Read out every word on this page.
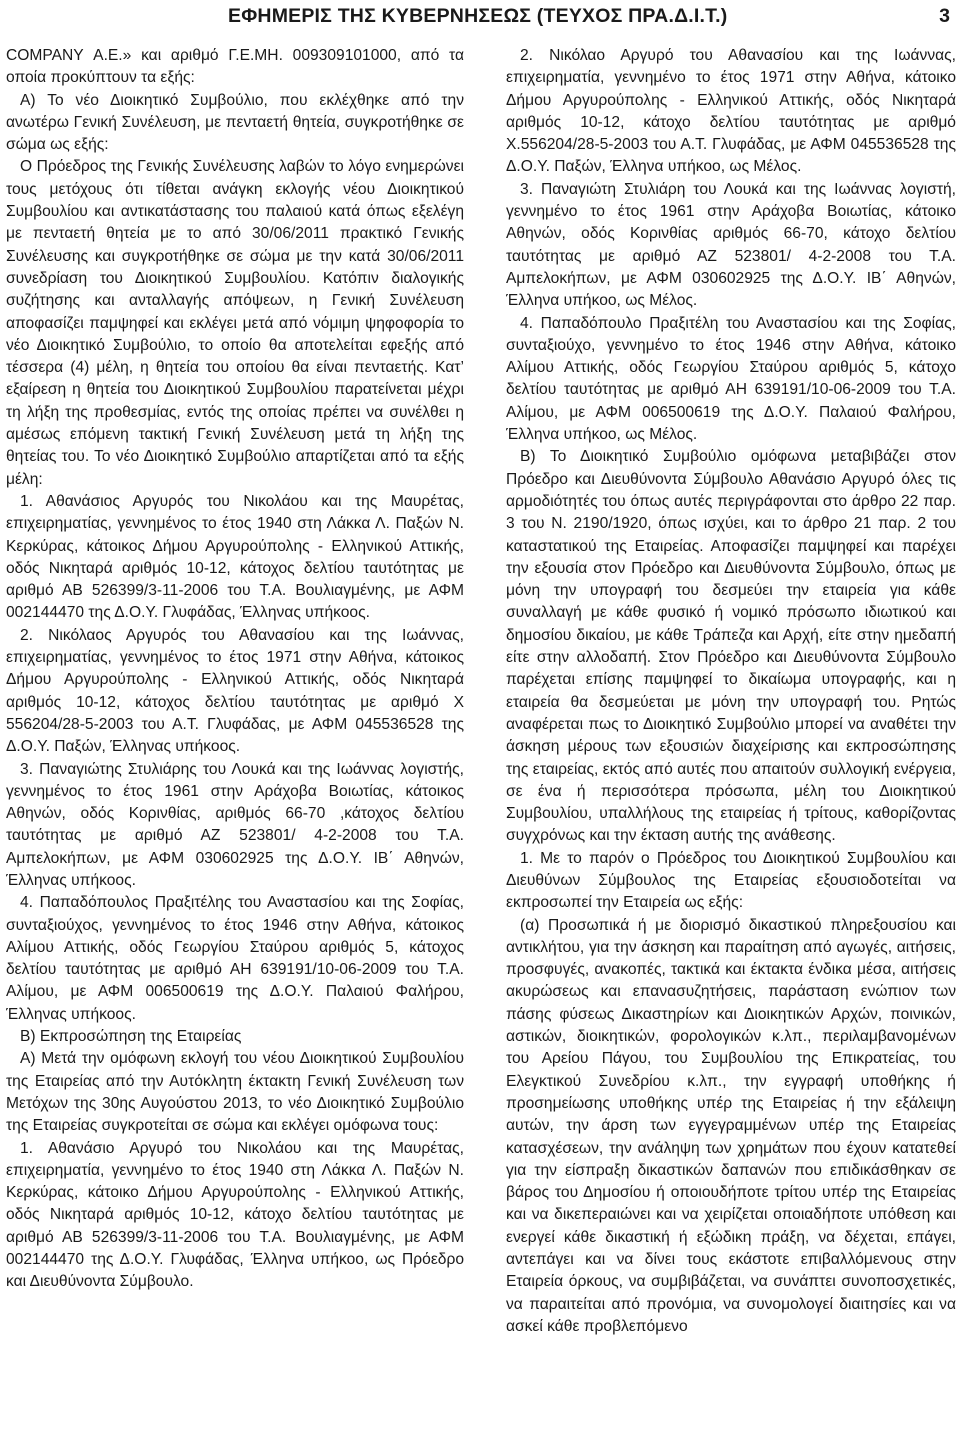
ΕΦΗΜΕΡΙΣ ΤΗΣ ΚΥΒΕΡΝΗΣΕΩΣ (ΤΕΥΧΟΣ ΠΡΑ.Δ.Ι.Τ.)	3

COMPANY Α.Ε.» και αριθμό Γ.Ε.ΜΗ. 009309101000, από τα οποία προκύπτουν τα εξής:

Α) Το νέο Διοικητικό Συμβούλιο, που εκλέχθηκε από την ανωτέρω Γενική Συνέλευση, με πενταετή θητεία, συγκροτήθηκε σε σώμα ως εξής:

Ο Πρόεδρος της Γενικής Συνέλευσης λαβών το λόγο ενημερώνει τους μετόχους ότι τίθεται ανάγκη εκλογής νέου Διοικητικού Συμβουλίου και αντικατάστασης του παλαιού κατά όπως εξελέγη με πενταετή θητεία με το από 30/06/2011 πρακτικό Γενικής Συνέλευσης και συγκροτήθηκε σε σώμα με την κατά 30/06/2011 συνεδρίαση του Διοικητικού Συμβουλίου. Κατόπιν διαλογικής συζήτησης και ανταλλαγής απόψεων, η Γενική Συνέλευση αποφασίζει παμψηφεί και εκλέγει μετά από νόμιμη ψηφοφορία το νέο Διοικητικό Συμβούλιο, το οποίο θα αποτελείται εφεξής από τέσσερα (4) μέλη, η θητεία του οποίου θα είναι πενταετής. Κατ’ εξαίρεση η θητεία του Διοικητικού Συμβουλίου παρατείνεται μέχρι τη λήξη της προθεσμίας, εντός της οποίας πρέπει να συνέλθει η αμέσως επόμενη τακτική Γενική Συνέλευση μετά τη λήξη της θητείας του. Το νέο Διοικητικό Συμβούλιο απαρτίζεται από τα εξής μέλη:

1. Αθανάσιος Αργυρός του Νικολάου και της Μαυρέτας, επιχειρηματίας, γεννημένος το έτος 1940 στη Λάκκα Λ. Παξών Ν. Κερκύρας, κάτοικος Δήμου Αργυρούπολης - Ελληνικού Αττικής, οδός Νικηταρά αριθμός 10-12, κάτοχος δελτίου ταυτότητας με αριθμό ΑΒ 526399/3-11-2006 του Τ.Α. Βουλιαγμένης, με ΑΦΜ 002144470 της Δ.Ο.Υ. Γλυφάδας, Έλληνας υπήκοος.

2. Νικόλαος Αργυρός του Αθανασίου και της Ιωάννας, επιχειρηματίας, γεννημένος το έτος 1971 στην Αθήνα, κάτοικος Δήμου Αργυρούπολης - Ελληνικού Αττικής, οδός Νικηταρά αριθμός 10-12, κάτοχος δελτίου ταυτότητας με αριθμό Χ 556204/28-5-2003 του Α.Τ. Γλυφάδας, με ΑΦΜ 045536528 της Δ.Ο.Υ. Παξών, Έλληνας υπήκοος.

3. Παναγιώτης Στυλιάρης του Λουκά και της Ιωάννας λογιστής, γεννημένος το έτος 1961 στην Αράχοβα Βοιωτίας, κάτοικος Αθηνών, οδός Κορινθίας, αριθμός 66-70 ,κάτοχος δελτίου ταυτότητας με αριθμό ΑΖ 523801/ 4-2-2008 του Τ.Α. Αμπελοκήπων, με ΑΦΜ 030602925 της Δ.Ο.Υ. ΙΒ΄ Αθηνών, Έλληνας υπήκοος.

4. Παπαδόπουλος Πραξιτέλης του Αναστασίου και της Σοφίας, συνταξιούχος, γεννημένος το έτος 1946 στην Αθήνα, κάτοικος Αλίμου Αττικής, οδός Γεωργίου Σταύρου αριθμός 5, κάτοχος δελτίου ταυτότητας με αριθμό ΑΗ 639191/10-06-2009 του Τ.Α. Αλίμου, με ΑΦΜ 006500619 της Δ.Ο.Υ. Παλαιού Φαλήρου, Έλληνας υπήκοος.

Β) Εκπροσώπηση της Εταιρείας

Α) Μετά την ομόφωνη εκλογή του νέου Διοικητικού Συμβουλίου της Εταιρείας από την Αυτόκλητη έκτακτη Γενική Συνέλευση των Μετόχων της 30ης Αυγούστου 2013, το νέο Διοικητικό Συμβούλιο της Εταιρείας συγκροτείται σε σώμα και εκλέγει ομόφωνα τους:

1. Αθανάσιο Αργυρό του Νικολάου και της Μαυρέτας, επιχειρηματία, γεννημένο το έτος 1940 στη Λάκκα Λ. Παξών Ν. Κερκύρας, κάτοικο Δήμου Αργυρούπολης - Ελληνικού Αττικής, οδός Νικηταρά αριθμός 10-12, κάτοχο δελτίου ταυτότητας με αριθμό ΑΒ 526399/3-11-2006 του Τ.Α. Βουλιαγμένης, με ΑΦΜ 002144470 της Δ.Ο.Υ. Γλυφάδας, Έλληνα υπήκοο, ως Πρόεδρο και Διευθύνοντα Σύμβουλο.

2. Νικόλαο Αργυρό του Αθανασίου και της Ιωάννας, επιχειρηματία, γεννημένο το έτος 1971 στην Αθήνα, κάτοικο Δήμου Αργυρούπολης - Ελληνικού Αττικής, οδός Νικηταρά αριθμός 10-12, κάτοχο δελτίου ταυτότητας με αριθμό Χ.556204/28-5-2003 του Α.Τ. Γλυφάδας, με ΑΦΜ 045536528 της Δ.Ο.Υ. Παξών, Έλληνα υπήκοο, ως Μέλος.

3. Παναγιώτη Στυλιάρη του Λουκά και της Ιωάννας λογιστή, γεννημένο το έτος 1961 στην Αράχοβα Βοιωτίας, κάτοικο Αθηνών, οδός Κορινθίας αριθμός 66-70, κάτοχο δελτίου ταυτότητας με αριθμό ΑΖ 523801/ 4-2-2008 του Τ.Α. Αμπελοκήπων, με ΑΦΜ 030602925 της Δ.Ο.Υ. ΙΒ΄ Αθηνών, Έλληνα υπήκοο, ως Μέλος.

4. Παπαδόπουλο Πραξιτέλη του Αναστασίου και της Σοφίας, συνταξιούχο, γεννημένο το έτος 1946 στην Αθήνα, κάτοικο Αλίμου Αττικής, οδός Γεωργίου Σταύρου αριθμός 5, κάτοχο δελτίου ταυτότητας με αριθμό ΑΗ 639191/10-06-2009 του Τ.Α. Αλίμου, με ΑΦΜ 006500619 της Δ.Ο.Υ. Παλαιού Φαλήρου, Έλληνα υπήκοο, ως Μέλος.

Β) Το Διοικητικό Συμβούλιο ομόφωνα μεταβιβάζει στον Πρόεδρο και Διευθύνοντα Σύμβουλο Αθανάσιο Αργυρό όλες τις αρμοδιότητές του όπως αυτές περιγράφονται στο άρθρο 22 παρ. 3 του Ν. 2190/1920, όπως ισχύει, και το άρθρο 21 παρ. 2 του καταστατικού της Εταιρείας. Αποφασίζει παμψηφεί και παρέχει την εξουσία στον Πρόεδρο και Διευθύνοντα Σύμβουλο, όπως με μόνη την υπογραφή του δεσμεύει την εταιρεία για κάθε συναλλαγή με κάθε φυσικό ή νομικό πρόσωπο ιδιωτικού και δημοσίου δικαίου, με κάθε Τράπεζα και Αρχή, είτε στην ημεδαπή είτε στην αλλοδαπή. Στον Πρόεδρο και Διευθύνοντα Σύμβουλο παρέχεται επίσης παμψηφεί το δικαίωμα υπογραφής, και η εταιρεία θα δεσμεύεται με μόνη την υπογραφή του. Ρητώς αναφέρεται πως το Διοικητικό Συμβούλιο μπορεί να αναθέτει την άσκηση μέρους των εξουσιών διαχείρισης και εκπροσώπησης της εταιρείας, εκτός από αυτές που απαιτούν συλλογική ενέργεια, σε ένα ή περισσότερα πρόσωπα, μέλη του Διοικητικού Συμβουλίου, υπαλλήλους της εταιρείας ή τρίτους, καθορίζοντας συγχρόνως και την έκταση αυτής της ανάθεσης.

1. Με το παρόν ο Πρόεδρος του Διοικητικού Συμβουλίου και Διευθύνων Σύμβουλος της Εταιρείας εξουσιοδοτείται να εκπροσωπεί την Εταιρεία ως εξής:

(α) Προσωπικά ή με διορισμό δικαστικού πληρεξουσίου και αντικλήτου, για την άσκηση και παραίτηση από αγωγές, αιτήσεις, προσφυγές, ανακοπές, τακτικά και έκτακτα ένδικα μέσα, αιτήσεις ακυρώσεως και επανασυζητήσεις, παράσταση ενώπιον των πάσης φύσεως Δικαστηρίων και Διοικητικών Αρχών, ποινικών, αστικών, διοικητικών, φορολογικών κ.λπ., περιλαμβανομένων του Αρείου Πάγου, του Συμβουλίου της Επικρατείας, του Ελεγκτικού Συνεδρίου κ.λπ., την εγγραφή υποθήκης ή προσημείωσης υποθήκης υπέρ της Εταιρείας ή την εξάλειψη αυτών, την άρση των εγγεγραμμένων υπέρ της Εταιρείας κατασχέσεων, την ανάληψη των χρημάτων που έχουν κατατεθεί για την είσπραξη δικαστικών δαπανών που επιδικάσθηκαν σε βάρος του Δημοσίου ή οποιουδήποτε τρίτου υπέρ της Εταιρείας και να δικεπεραιώνει και να χειρίζεται οποιαδήποτε υπόθεση και ενεργεί κάθε δικαστική ή εξώδικη πράξη, να δέχεται, επάγει, αντεπάγει και να δίνει τους εκάστοτε επιβαλλόμενους στην Εταιρεία όρκους, να συμβιβάζεται, να συνάπτει συνοποσχετικές, να παραιτείται από προνόμια, να συνομολογεί διαιτησίες και να ασκεί κάθε προβλεπόμενο
